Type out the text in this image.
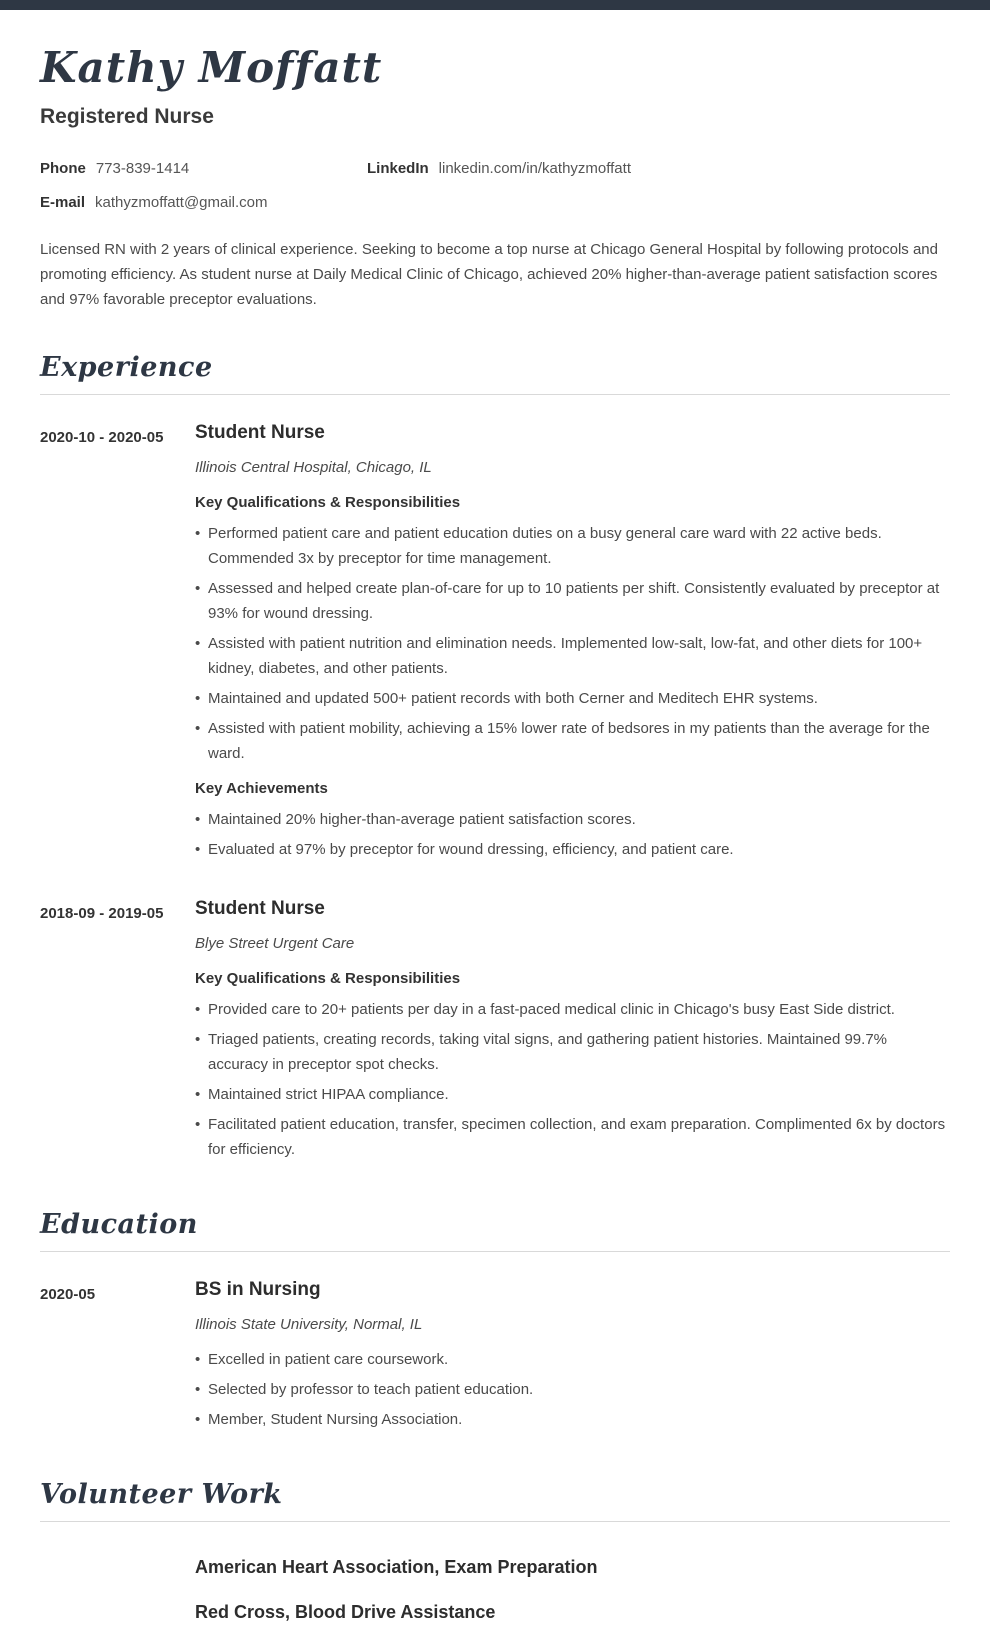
Kathy Moffatt
Registered Nurse
Phone 773-839-1414	LinkedIn linkedin.com/in/kathyzmoffatt
E-mail kathyzmoffatt@gmail.com

Licensed RN with 2 years of clinical experience. Seeking to become a top nurse at Chicago General Hospital by following protocols and promoting efficiency. As student nurse at Daily Medical Clinic of Chicago, achieved 20% higher-than-average patient satisfaction scores and 97% favorable preceptor evaluations.

Experience
2020-10 - 2020-05	Student Nurse
Illinois Central Hospital, Chicago, IL
Key Qualifications & Responsibilities
• Performed patient care and patient education duties on a busy general care ward with 22 active beds. Commended 3x by preceptor for time management.
• Assessed and helped create plan-of-care for up to 10 patients per shift. Consistently evaluated by preceptor at 93% for wound dressing.
• Assisted with patient nutrition and elimination needs. Implemented low-salt, low-fat, and other diets for 100+ kidney, diabetes, and other patients.
• Maintained and updated 500+ patient records with both Cerner and Meditech EHR systems.
• Assisted with patient mobility, achieving a 15% lower rate of bedsores in my patients than the average for the ward.
Key Achievements
• Maintained 20% higher-than-average patient satisfaction scores.
• Evaluated at 97% by preceptor for wound dressing, efficiency, and patient care.
2018-09 - 2019-05	Student Nurse
Blye Street Urgent Care
Key Qualifications & Responsibilities
• Provided care to 20+ patients per day in a fast-paced medical clinic in Chicago's busy East Side district.
• Triaged patients, creating records, taking vital signs, and gathering patient histories. Maintained 99.7% accuracy in preceptor spot checks.
• Maintained strict HIPAA compliance.
• Facilitated patient education, transfer, specimen collection, and exam preparation. Complimented 6x by doctors for efficiency.
Education
2020-05	BS in Nursing
Illinois State University, Normal, IL
• Excelled in patient care coursework.
• Selected by professor to teach patient education.
• Member, Student Nursing Association.
Volunteer Work
American Heart Association, Exam Preparation
Red Cross, Blood Drive Assistance
